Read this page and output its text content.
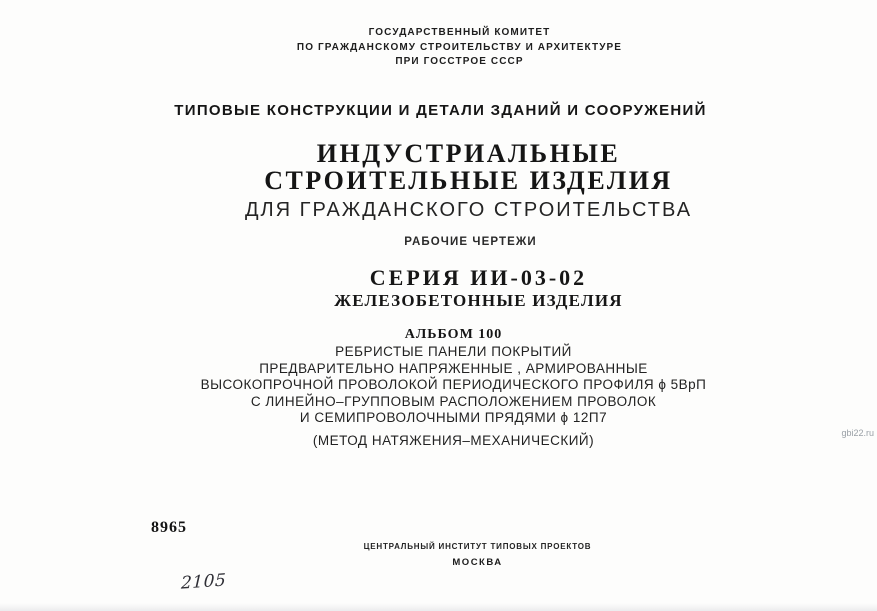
ГОСУДАРСТВЕННЫЙ КОМИТЕТ
ПО ГРАЖДАНСКОМУ СТРОИТЕЛЬСТВУ И АРХИТЕКТУРЕ
ПРИ ГОССТРОЕ СССР
ТИПОВЫЕ КОНСТРУКЦИИ И ДЕТАЛИ ЗДАНИЙ И СООРУЖЕНИЙ
ИНДУСТРИАЛЬНЫЕ
СТРОИТЕЛЬНЫЕ ИЗДЕЛИЯ
ДЛЯ ГРАЖДАНСКОГО СТРОИТЕЛЬСТВА
РАБОЧИЕ ЧЕРТЕЖИ
СЕРИЯ ИИ-03-02
ЖЕЛЕЗОБЕТОННЫЕ ИЗДЕЛИЯ
АЛЬБОМ 100
РЕБРИСТЫЕ ПАНЕЛИ ПОКРЫТИЙ
ПРЕДВАРИТЕЛЬНО НАПРЯЖЕННЫЕ , АРМИРОВАННЫЕ
ВЫСОКОПРОЧНОЙ ПРОВОЛОКОЙ ПЕРИОДИЧЕСКОГО ПРОФИЛЯ ϕ 5ВрП
С ЛИНЕЙНО–ГРУППОВЫМ РАСПОЛОЖЕНИЕМ ПРОВОЛОК
И СЕМИПРОВОЛОЧНЫМИ ПРЯДЯМИ ϕ 12П7
(МЕТОД НАТЯЖЕНИЯ–МЕХАНИЧЕСКИЙ)
8965
ЦЕНТРАЛЬНЫЙ ИНСТИТУТ ТИПОВЫХ ПРОЕКТОВ
МОСКВА
2105
gbi22.ru
